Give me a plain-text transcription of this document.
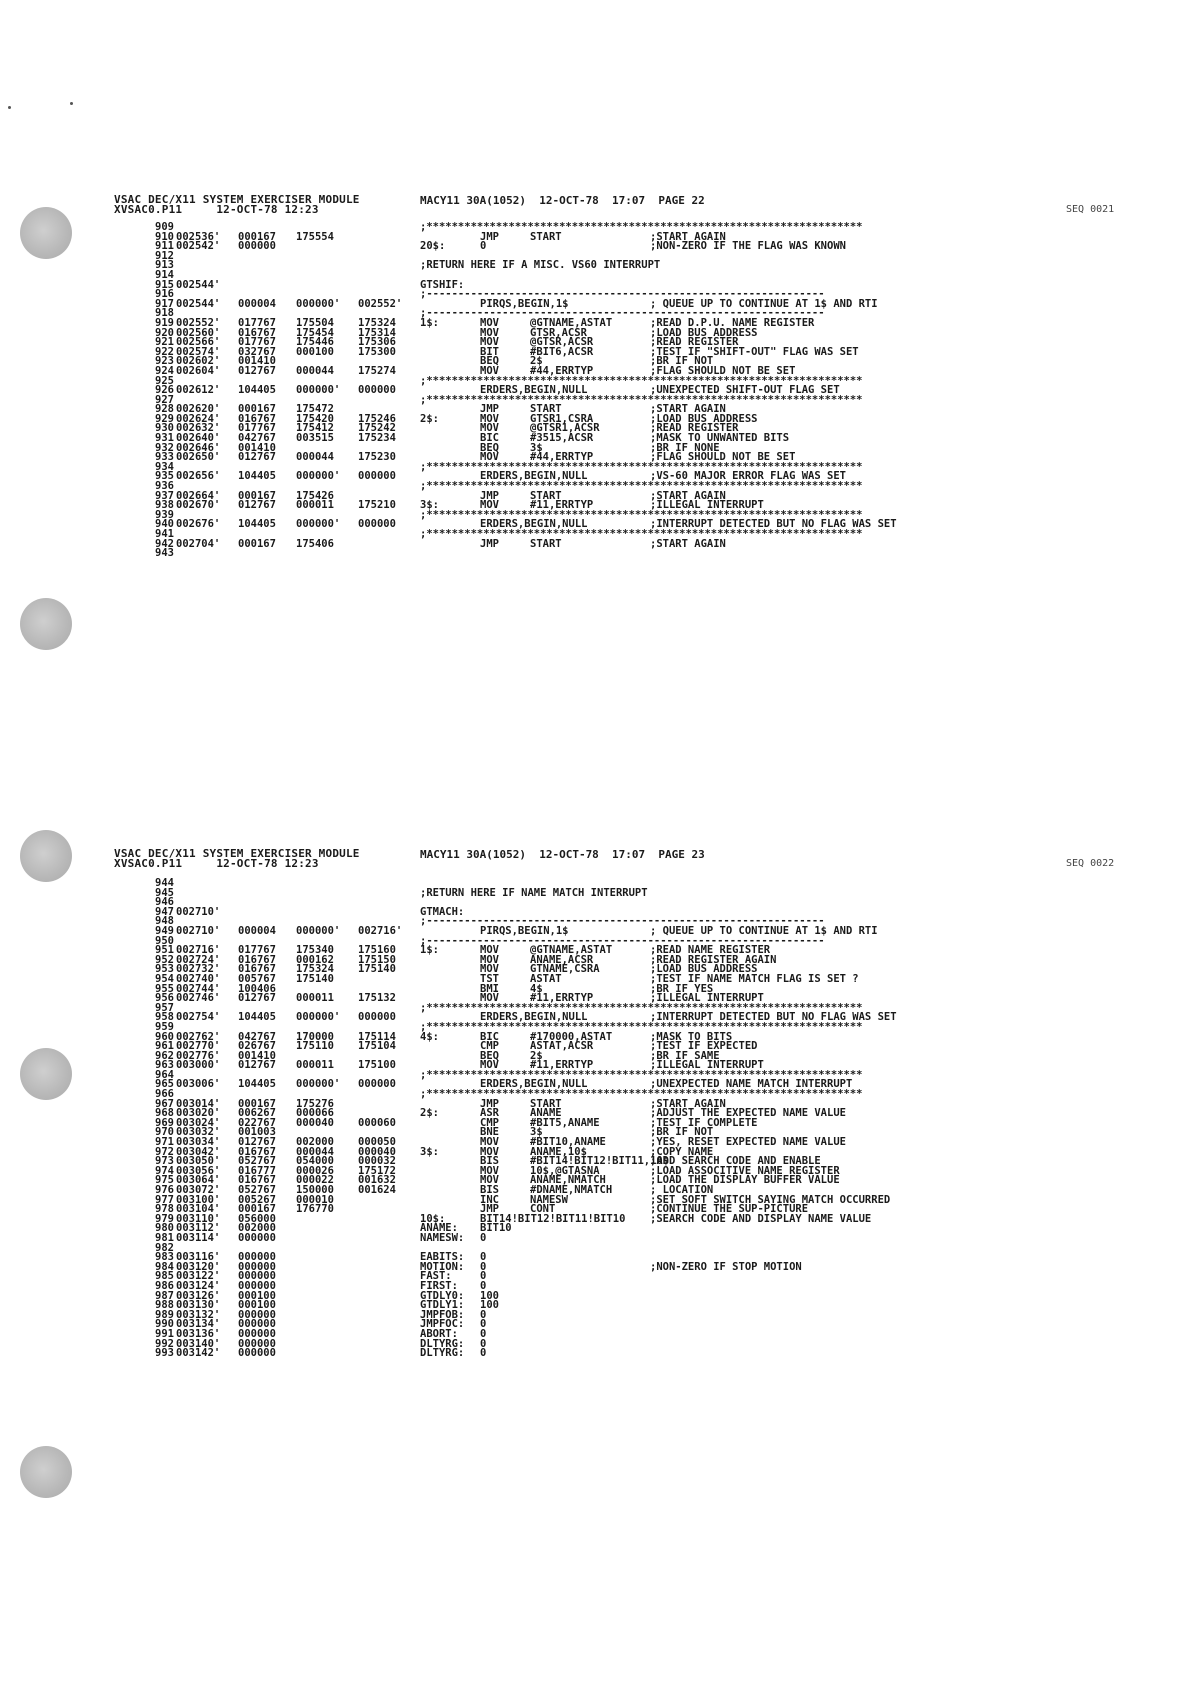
VSAC DEC/X11 SYSTEM EXERCISER MODULE
XVSAC0.P11     12-OCT-78 12:23
MACY11 30A(1052)  12-OCT-78  17:07  PAGE 22
SEQ 0021
909	;*********************************************************************
910 002536' 000167 175554	JMP	START	;START AGAIN
911 002542' 000000	20$:	0	;NON-ZERO IF THE FLAG WAS KNOWN
912
913	;RETURN HERE IF A MISC. VS60 INTERRUPT
914
915 002544'	GTSHIF:
916	;---------------------------------------------------------------
917 002544' 000004 000000' 002552'	PIRQS,BEGIN,1$	; QUEUE UP TO CONTINUE AT 1$ AND RTI
918	;---------------------------------------------------------------
919 002552' 017767 175504 175324 1$:	MOV	@GTNAME,ASTAT	;READ D.P.U. NAME REGISTER
920 002560' 016767 175454 175314	MOV	GTSR,ACSR	;LOAD BUS ADDRESS
921 002566' 017767 175446 175306	MOV	@GTSR,ACSR	;READ REGISTER
922 002574' 032767 000100 175300	BIT	#BIT6,ACSR	;TEST IF "SHIFT-OUT" FLAG WAS SET
923 002602' 001410	BEQ	2$	;BR IF NOT
924 002604' 012767 000044 175274	MOV	#44,ERRTYP	;FLAG SHOULD NOT BE SET
925	;*********************************************************************
926 002612' 104405 000000' 000000	ERDERS,BEGIN,NULL	;UNEXPECTED SHIFT-OUT FLAG SET
927	;*********************************************************************
928 002620' 000167 175472	JMP	START	;START AGAIN
929 002624' 016767 175420 175246 2$:	MOV	GTSR1,CSRA	;LOAD BUS ADDRESS
930 002632' 017767 175412 175242	MOV	@GTSR1,ACSR	;READ REGISTER
931 002640' 042767 003515 175234	BIC	#3515,ACSR	;MASK TO UNWANTED BITS
932 002646' 001410	BEQ	3$	;BR IF NONE
933 002650' 012767 000044 175230	MOV	#44,ERRTYP	;FLAG SHOULD NOT BE SET
934	;*********************************************************************
935 002656' 104405 000000' 000000	ERDERS,BEGIN,NULL	;VS-60 MAJOR ERROR FLAG WAS SET
936	;*********************************************************************
937 002664' 000167 175426	JMP	START	;START AGAIN
938 002670' 012767 000011 175210 3$:	MOV	#11,ERRTYP	;ILLEGAL INTERRUPT
939	;*********************************************************************
940 002676' 104405 000000' 000000	ERDERS,BEGIN,NULL	;INTERRUPT DETECTED BUT NO FLAG WAS SET
941	;*********************************************************************
942 002704' 000167 175406	JMP	START	;START AGAIN
943
VSAC DEC/X11 SYSTEM EXERCISER MODULE
XVSAC0.P11     12-OCT-78 12:23
MACY11 30A(1052)  12-OCT-78  17:07  PAGE 23
SEQ 0022
944
945	;RETURN HERE IF NAME MATCH INTERRUPT
946
947 002710'	GTMACH:
948	;---------------------------------------------------------------
949 002710' 000004 000000' 002716'	PIRQS,BEGIN,1$	; QUEUE UP TO CONTINUE AT 1$ AND RTI
950	;---------------------------------------------------------------
951 002716' 017767 175340 175160 1$:	MOV	@GTNAME,ASTAT	;READ NAME REGISTER
952 002724' 016767 000162 175150	MOV	ANAME,ACSR	;READ REGISTER AGAIN
953 002732' 016767 175324 175140	MOV	GTNAME,CSRA	;LOAD BUS ADDRESS
954 002740' 005767 175140	TST	ASTAT	;TEST IF NAME MATCH FLAG IS SET ?
955 002744' 100406	BMI	4$	;BR IF YES
956 002746' 012767 000011 175132	MOV	#11,ERRTYP	;ILLEGAL INTERRUPT
957	;*********************************************************************
958 002754' 104405 000000' 000000	ERDERS,BEGIN,NULL	;INTERRUPT DETECTED BUT NO FLAG WAS SET
959	;*********************************************************************
960 002762' 042767 170000 175114 4$:	BIC	#170000,ASTAT	;MASK TO BITS
961 002770' 026767 175110 175104	CMP	ASTAT,ACSR	;TEST IF EXPECTED
962 002776' 001410	BEQ	2$	;BR IF SAME
963 003000' 012767 000011 175100	MOV	#11,ERRTYP	;ILLEGAL INTERRUPT
964	;*********************************************************************
965 003006' 104405 000000' 000000	ERDERS,BEGIN,NULL	;UNEXPECTED NAME MATCH INTERRUPT
966	;*********************************************************************
967 003014' 000167 175276	JMP	START	;START AGAIN
968 003020' 006267 000066	2$:	ASR	ANAME	;ADJUST THE EXPECTED NAME VALUE
969 003024' 022767 000040 000060	CMP	#BIT5,ANAME	;TEST IF COMPLETE
970 003032' 001003	BNE	3$	;BR IF NOT
971 003034' 012767 002000 000050	MOV	#BIT10,ANAME	;YES, RESET EXPECTED NAME VALUE
972 003042' 016767 000044 000040 3$:	MOV	ANAME,10$	;COPY NAME
973 003050' 052767 054000 000032	BIS	#BIT14!BIT12!BIT11,10$
;ADD SEARCH CODE AND ENABLE
974 003056' 016777 000026 175172	MOV	10$,@GTASNA	;LOAD ASSOCITIVE NAME REGISTER
975 003064' 016767 000022 001632	MOV	ANAME,NMATCH	;LOAD THE DISPLAY BUFFER VALUE
976 003072' 052767 150000 001624	BIS	#DNAME,NMATCH	; LOCATION
977 003100' 005267 000010	INC	NAMESW	;SET SOFT SWITCH SAYING MATCH OCCURRED
978 003104' 000167 176770	JMP	CONT	;CONTINUE THE SUP-PICTURE
979 003110' 056000	10$:	BIT14!BIT12!BIT11!BIT10 ;SEARCH CODE AND DISPLAY NAME VALUE
980 003112' 002000	ANAME: BIT10
981 003114' 000000	NAMESW: 0
982
983 003116' 000000	EABITS: 0
984 003120' 000000	MOTION: 0	;NON-ZERO IF STOP MOTION
985 003122' 000000	FAST:	0
986 003124' 000000	FIRST: 0
987 003126' 000100	GTDLY0: 100
988 003130' 000100	GTDLY1: 100
989 003132' 000000	JMPFOB: 0
990 003134' 000000	JMPFOC: 0
991 003136' 000000	ABORT: 0
992 003140' 000000	DLTYRG: 0
993 003142' 000000	DLTYRG: 0
